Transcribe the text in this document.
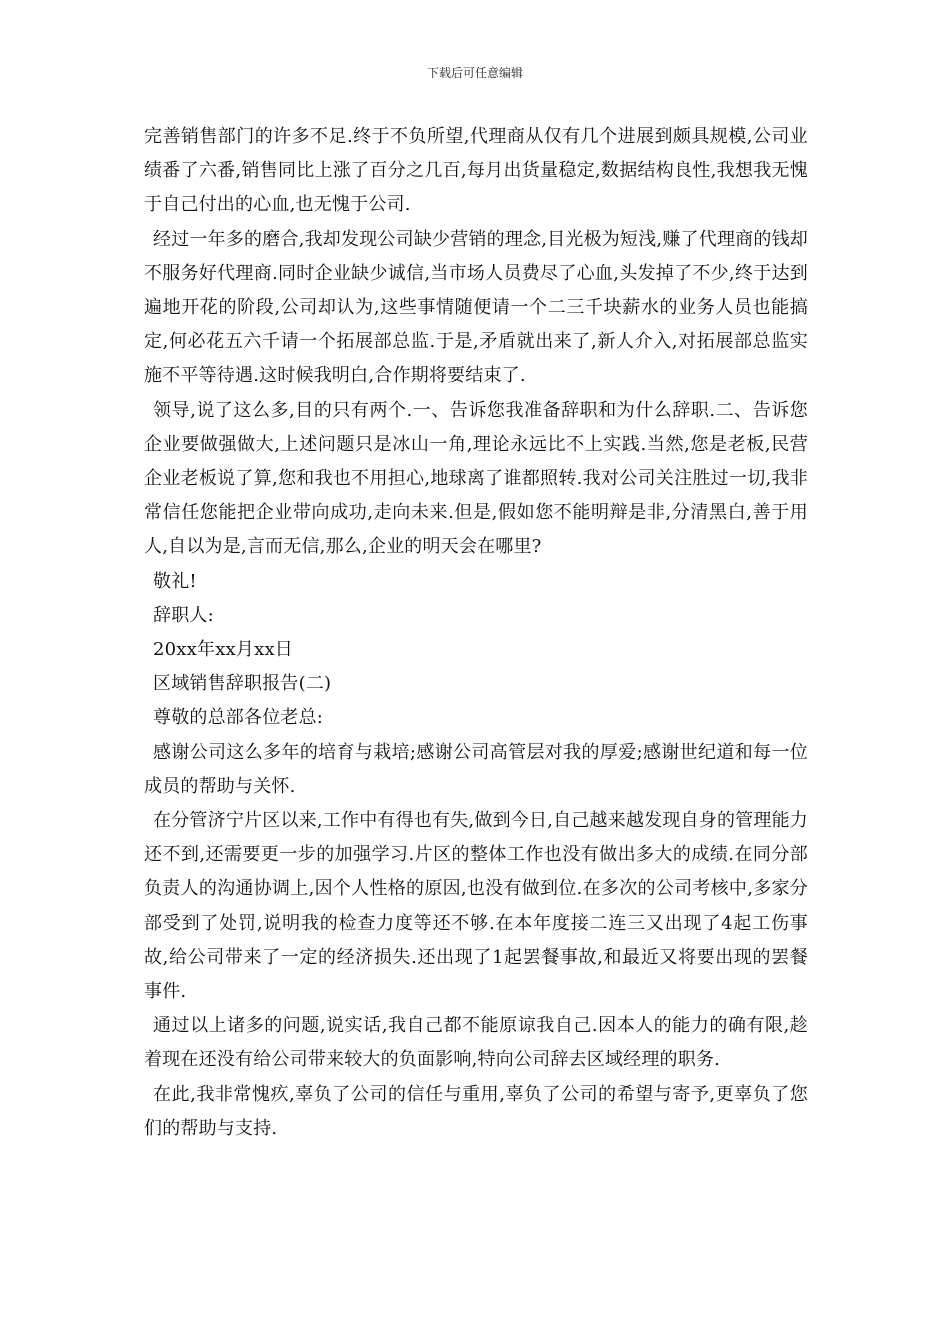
下载后可任意编辑

完善销售部门的许多不足.终于不负所望,代理商从仅有几个进展到颇具规模,公司业绩番了六番,销售同比上涨了百分之几百,每月出货量稳定,数据结构良性,我想我无愧于自己付出的心血,也无愧于公司.

经过一年多的磨合,我却发现公司缺少营销的理念,目光极为短浅,赚了代理商的钱却不服务好代理商.同时企业缺少诚信,当市场人员费尽了心血,头发掉了不少,终于达到遍地开花的阶段,公司却认为,这些事情随便请一个二三千块薪水的业务人员也能搞定,何必花五六千请一个拓展部总监.于是,矛盾就出来了,新人介入,对拓展部总监实施不平等待遇.这时候我明白,合作期将要结束了.

领导,说了这么多,目的只有两个.一、告诉您我准备辞职和为什么辞职.二、告诉您企业要做强做大,上述问题只是冰山一角,理论永远比不上实践.当然,您是老板,民营企业老板说了算,您和我也不用担心,地球离了谁都照转.我对公司关注胜过一切,我非常信任您能把企业带向成功,走向未来.但是,假如您不能明辩是非,分清黑白,善于用人,自以为是,言而无信,那么,企业的明天会在哪里?

敬礼!

辞职人:

20xx年xx月xx日

区域销售辞职报告(二)

尊敬的总部各位老总:

感谢公司这么多年的培育与栽培;感谢公司高管层对我的厚爱;感谢世纪道和每一位成员的帮助与关怀.

在分管济宁片区以来,工作中有得也有失,做到今日,自己越来越发现自身的管理能力还不到,还需要更一步的加强学习.片区的整体工作也没有做出多大的成绩.在同分部负责人的沟通协调上,因个人性格的原因,也没有做到位.在多次的公司考核中,多家分部受到了处罚,说明我的检查力度等还不够.在本年度接二连三又出现了4起工伤事故,给公司带来了一定的经济损失.还出现了1起罢餐事故,和最近又将要出现的罢餐事件.

通过以上诸多的问题,说实话,我自己都不能原谅我自己.因本人的能力的确有限,趁着现在还没有给公司带来较大的负面影响,特向公司辞去区域经理的职务.

在此,我非常愧疚,辜负了公司的信任与重用,辜负了公司的希望与寄予,更辜负了您们的帮助与支持.
